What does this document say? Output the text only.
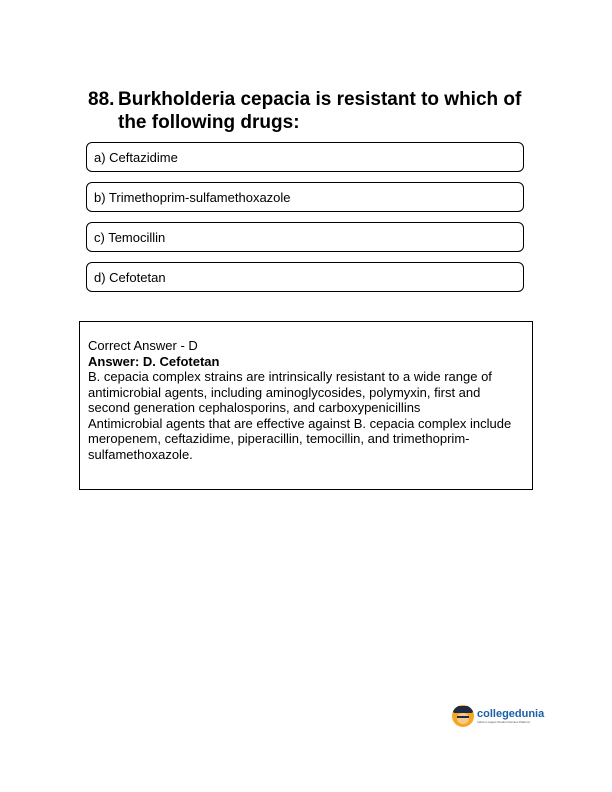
88. Burkholderia cepacia is resistant to which of the following drugs:
a) Ceftazidime
b) Trimethoprim-sulfamethoxazole
c) Temocillin
d) Cefotetan

Correct Answer - D

Answer: D. Cefotetan

B. cepacia complex strains are intrinsically resistant to a wide range of antimicrobial agents, including aminoglycosides, polymyxin, first and second generation cephalosporins, and carboxypenicillins

Antimicrobial agents that are effective against B. cepacia complex include meropenem, ceftazidime, piperacillin, temocillin, and trimethoprim-sulfamethoxazole.

collegedunia
India's Largest Student Review Platform
